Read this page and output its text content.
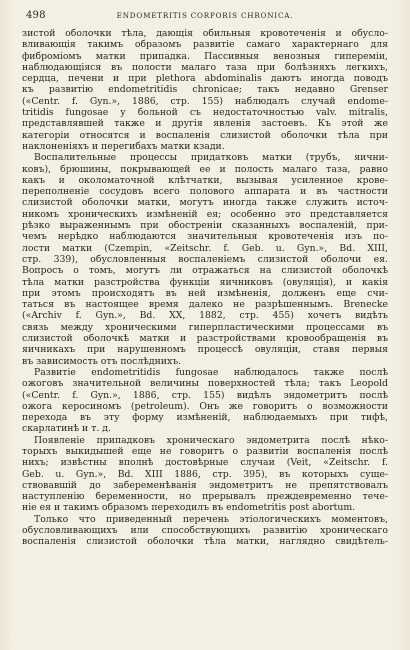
498	ENDOMETRITIS CORPORIS CHRONICA.
зистой оболочки тѣла, дающія обильныя кровотеченія и обусло-
вливающія такимъ образомъ развитіе самаго характернаго для
фиброміомъ матки припадка. Пассивныя венозныя гипереміи,
наблюдающіяся въ полости малаго таза при болѣзняхъ легкихъ,
сердца, печени и при plethora abdominalis даютъ иногда поводъ
къ развитію endometritidis chronicae; такъ недавно Grenser
(«Centr. f. Gyn.», 1886, стр. 155) наблюдалъ случай endome-
tritidis fungosae у больной съ недостаточностью valv. mitralis,
представлявшей также и другія явленія застоевъ. Къ этой же
категоріи относятся и воспаленія слизистой оболочки тѣла при
наклоненіяхъ и перегибахъ матки кзади.
Воспалительные процессы придатковъ матки (трубъ, яични-
ковъ), брюшины, покрывающей ее и полость малаго таза, равно
какъ и околоматочной клѣтчатки, вызывая усиленное крове-
переполненіе сосудовъ всего полового аппарата и въ частности
слизистой оболочки матки, могутъ иногда также служить источ-
никомъ хроническихъ измѣненій ея; особенно это представляется
рѣзко выраженнымъ при обостреніи сказанныхъ воспаленій, при-
чемъ нерѣдко наблюдаются значительныя кровотеченія изъ по-
лости матки (Czempin, «Zeitschr. f. Geb. u. Gyn.», Bd. XIII,
стр. 339), обусловленныя воспаленіемъ слизистой оболочи ея.
Вопросъ о томъ, могутъ ли отражаться на слизистой оболочкѣ
тѣла матки разстройства функціи яичниковъ (овуляція), и какія
при этомъ происходятъ въ ней измѣненія, долженъ еще счи-
таться въ настоящее время далеко не разрѣшеннымъ. Brenecke
(«Archiv f. Gyn.», Bd. XX, 1882, стр. 455) хочетъ видѣть
связь между хроническими гиперпластическими процессами въ
слизистой оболочкѣ матки и разстройствами кровообращенія въ
яичникахъ при нарушенномъ процессѣ овуляціи, ставя первыя
въ зависимость отъ послѣднихъ.
Развитіе endometritidis fungosae наблюдалось также послѣ
ожоговъ значительной величины поверхностей тѣла; такъ Leopold
(«Centr. f. Gyn.», 1886, стр. 155) видѣлъ эндометритъ послѣ
ожога керосиномъ (petroleum). Онъ же говоритъ о возможности
перехода въ эту форму измѣненій, наблюдаемыхъ при тифѣ,
скарлатинѣ и т. д.
Появленіе припадковъ хроническаго эндометрита послѣ нѣко-
торыхъ выкидышей еще не говоритъ о развитіи воспаленія послѣ
нихъ; извѣстны вполнѣ достовѣрные случаи (Veit, «Zeitschr. f.
Geb. u. Gyn.», Bd. XIII 1886, стр. 395), въ которыхъ суще-
ствовавшій до забеременѣванія эндометритъ не препятствовалъ
наступленію беременности, но прерывалъ преждевременно тече-
ніе ея и такимъ образомъ переходилъ въ endometritis post abortum.
Только что приведенный перечень этіологическихъ моментовъ,
обусловливающихъ или способствующихъ развитію хроническаго
воспаленія слизистой оболочки тѣла матки, наглядно свидѣтель-
